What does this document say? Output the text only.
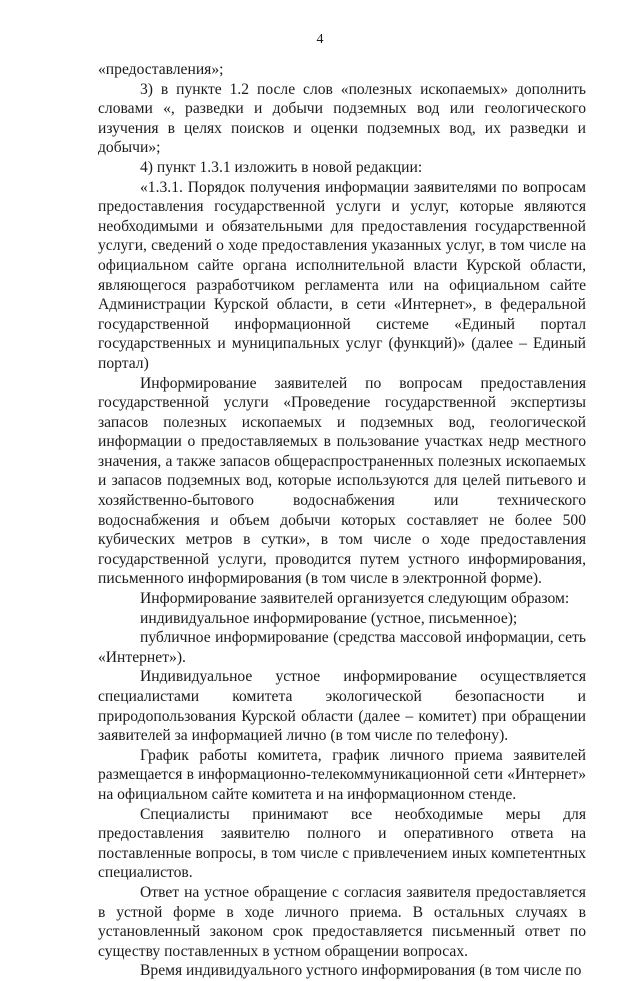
4

«предоставления»;

3) в пункте 1.2 после слов «полезных ископаемых» дополнить словами «, разведки и добычи подземных вод или геологического изучения в целях поисков и оценки подземных вод, их разведки и добычи»;

4) пункт 1.3.1 изложить в новой редакции:

«1.3.1. Порядок получения информации заявителями по вопросам предоставления государственной услуги и услуг, которые являются необходимыми и обязательными для предоставления государственной услуги, сведений о ходе предоставления указанных услуг, в том числе на официальном сайте органа исполнительной власти Курской области, являющегося разработчиком регламента или на официальном сайте Администрации Курской области, в сети «Интернет», в федеральной государственной информационной системе «Единый портал государственных и муниципальных услуг (функций)» (далее – Единый портал)

Информирование заявителей по вопросам предоставления государственной услуги «Проведение государственной экспертизы запасов полезных ископаемых и подземных вод, геологической информации о предоставляемых в пользование участках недр местного значения, а также запасов общераспространенных полезных ископаемых и запасов подземных вод, которые используются для целей питьевого и хозяйственно-бытового водоснабжения или технического водоснабжения и объем добычи которых составляет не более 500 кубических метров в сутки», в том числе о ходе предоставления государственной услуги, проводится путем устного информирования, письменного информирования (в том числе в электронной форме).

Информирование заявителей организуется следующим образом:

индивидуальное информирование (устное, письменное);

публичное информирование (средства массовой информации, сеть «Интернет»).

Индивидуальное устное информирование осуществляется специалистами комитета экологической безопасности и природопользования Курской области (далее – комитет) при обращении заявителей за информацией лично (в том числе по телефону).

График работы комитета, график личного приема заявителей размещается в информационно-телекоммуникационной сети «Интернет» на официальном сайте комитета и на информационном стенде.

Специалисты принимают все необходимые меры для предоставления заявителю полного и оперативного ответа на поставленные вопросы, в том числе с привлечением иных компетентных специалистов.

Ответ на устное обращение с согласия заявителя предоставляется в устной форме в ходе личного приема. В остальных случаях в установленный законом срок предоставляется письменный ответ по существу поставленных в устном обращении вопросах.

Время индивидуального устного информирования (в том числе по
